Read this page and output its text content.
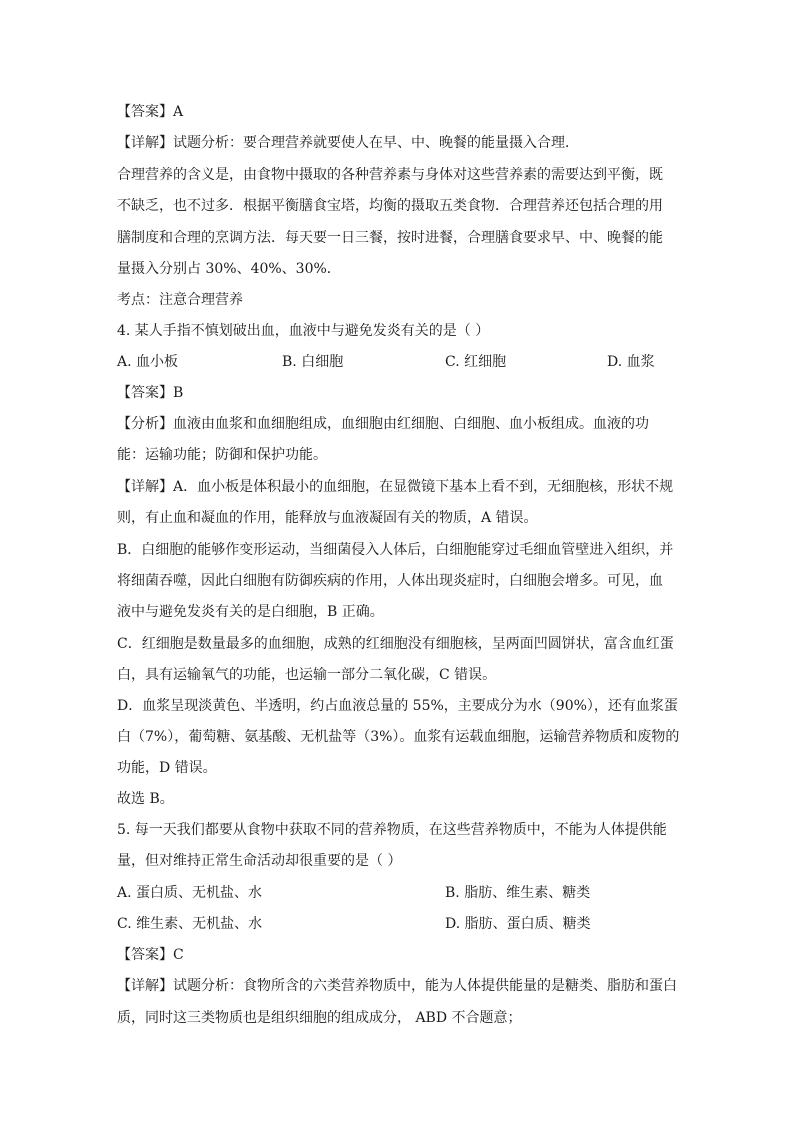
【答案】A
【详解】试题分析：要合理营养就要使人在早、中、晚餐的能量摄入合理．
合理营养的含义是，由食物中摄取的各种营养素与身体对这些营养素的需要达到平衡，既
不缺乏，也不过多．根据平衡膳食宝塔，均衡的摄取五类食物．合理营养还包括合理的用
膳制度和合理的烹调方法．每天要一日三餐，按时进餐，合理膳食要求早、中、晚餐的能
量摄入分别占 30%、40%、30%．
考点：注意合理营养
4. 某人手指不慎划破出血，血液中与避免发炎有关的是（ ）
A. 血小板	B. 白细胞	C. 红细胞	D. 血浆
【答案】B
【分析】血液由血浆和血细胞组成，血细胞由红细胞、白细胞、血小板组成。血液的功
能：运输功能；防御和保护功能。
【详解】A．血小板是体积最小的血细胞，在显微镜下基本上看不到，无细胞核，形状不规
则，有止血和凝血的作用，能释放与血液凝固有关的物质，A 错误。
B．白细胞的能够作变形运动，当细菌侵入人体后，白细胞能穿过毛细血管壁进入组织，并
将细菌吞噬，因此白细胞有防御疾病的作用，人体出现炎症时，白细胞会增多。可见，血
液中与避免发炎有关的是白细胞，B 正确。
C．红细胞是数量最多的血细胞，成熟的红细胞没有细胞核，呈两面凹圆饼状，富含血红蛋
白，具有运输氧气的功能，也运输一部分二氧化碳，C 错误。
D．血浆呈现淡黄色、半透明，约占血液总量的 55%，主要成分为水（90%），还有血浆蛋
白（7%），葡萄糖、氨基酸、无机盐等（3%）。血浆有运载血细胞，运输营养物质和废物的
功能，D 错误。
故选 B。
5. 每一天我们都要从食物中获取不同的营养物质，在这些营养物质中，不能为人体提供能
量，但对维持正常生命活动却很重要的是（ ）
A. 蛋白质、无机盐、水	B. 脂肪、维生素、糖类
C. 维生素、无机盐、水	D. 脂肪、蛋白质、糖类
【答案】C
【详解】试题分析：食物所含的六类营养物质中，能为人体提供能量的是糖类、脂肪和蛋白
质，同时这三类物质也是组织细胞的组成成分， ABD 不合题意；
